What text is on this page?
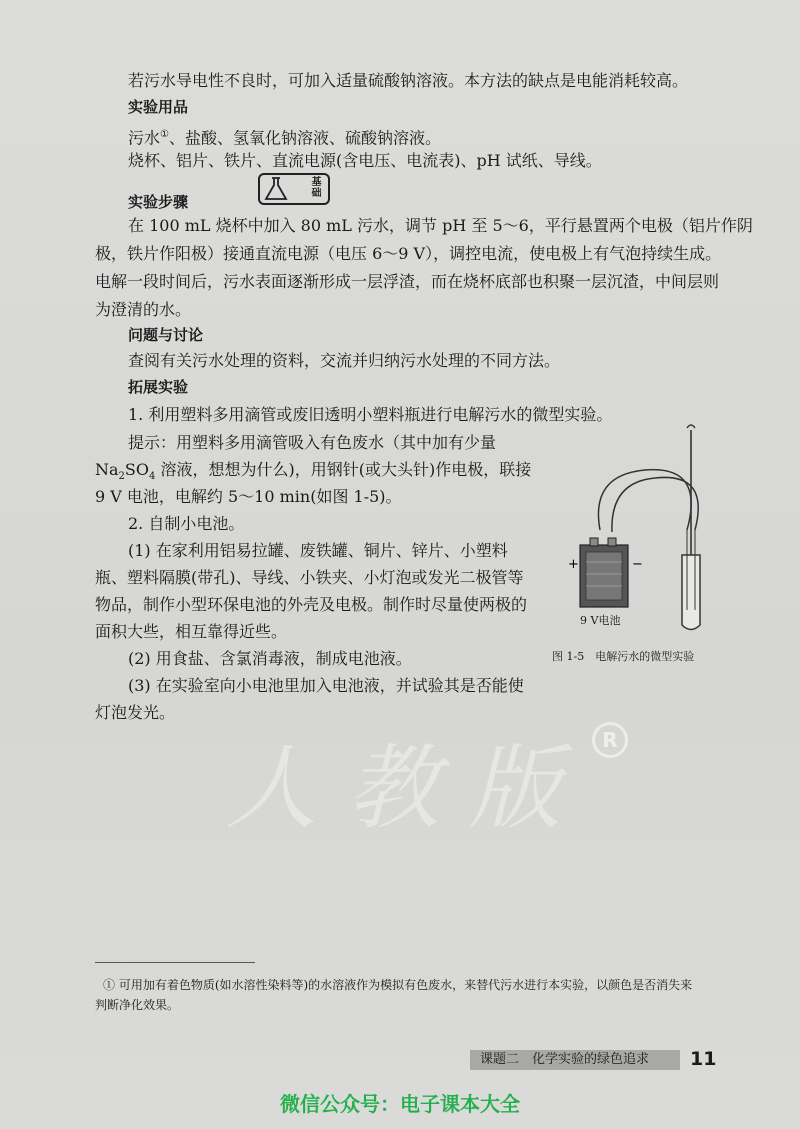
若污水导电性不良时，可加入适量硫酸钠溶液。本方法的缺点是电能消耗较高。

实验用品

污水①、盐酸、氢氧化钠溶液、硫酸钠溶液。

烧杯、铝片、铁片、直流电源(含电压、电流表)、pH 试纸、导线。

实验步骤

基础

在 100 mL 烧杯中加入 80 mL 污水，调节 pH 至 5～6，平行悬置两个电极（铝片作阴

极，铁片作阳极）接通直流电源（电压 6～9 V），调控电流，使电极上有气泡持续生成。

电解一段时间后，污水表面逐渐形成一层浮渣，而在烧杯底部也积聚一层沉渣，中间层则

为澄清的水。

问题与讨论

查阅有关污水处理的资料，交流并归纳污水处理的不同方法。

拓展实验

1. 利用塑料多用滴管或废旧透明小塑料瓶进行电解污水的微型实验。

提示：用塑料多用滴管吸入有色废水（其中加有少量

$Na_2SO_4$ 溶液，想想为什么)，用钢针(或大头针)作电极，联接

9 V 电池，电解约 5～10 min(如图 1-5)。

2. 自制小电池。

(1) 在家利用铝易拉罐、废铁罐、铜片、锌片、小塑料

瓶、塑料隔膜(带孔)、导线、小铁夹、小灯泡或发光二极管等

物品，制作小型环保电池的外壳及电极。制作时尽量使两极的

面积大些，相互靠得近些。

(2) 用食盐、含氯消毒液，制成电池液。

(3) 在实验室向小电池里加入电池液，并试验其是否能使

灯泡发光。

+	−
9 V电池
图 1-5　电解污水的微型实验
人教版 R
① 可用加有着色物质(如水溶性染料等)的水溶液作为模拟有色废水，来替代污水进行本实验，以颜色是否消失来
判断净化效果。
课题二　化学实验的绿色追求 11
微信公众号：电子课本大全
